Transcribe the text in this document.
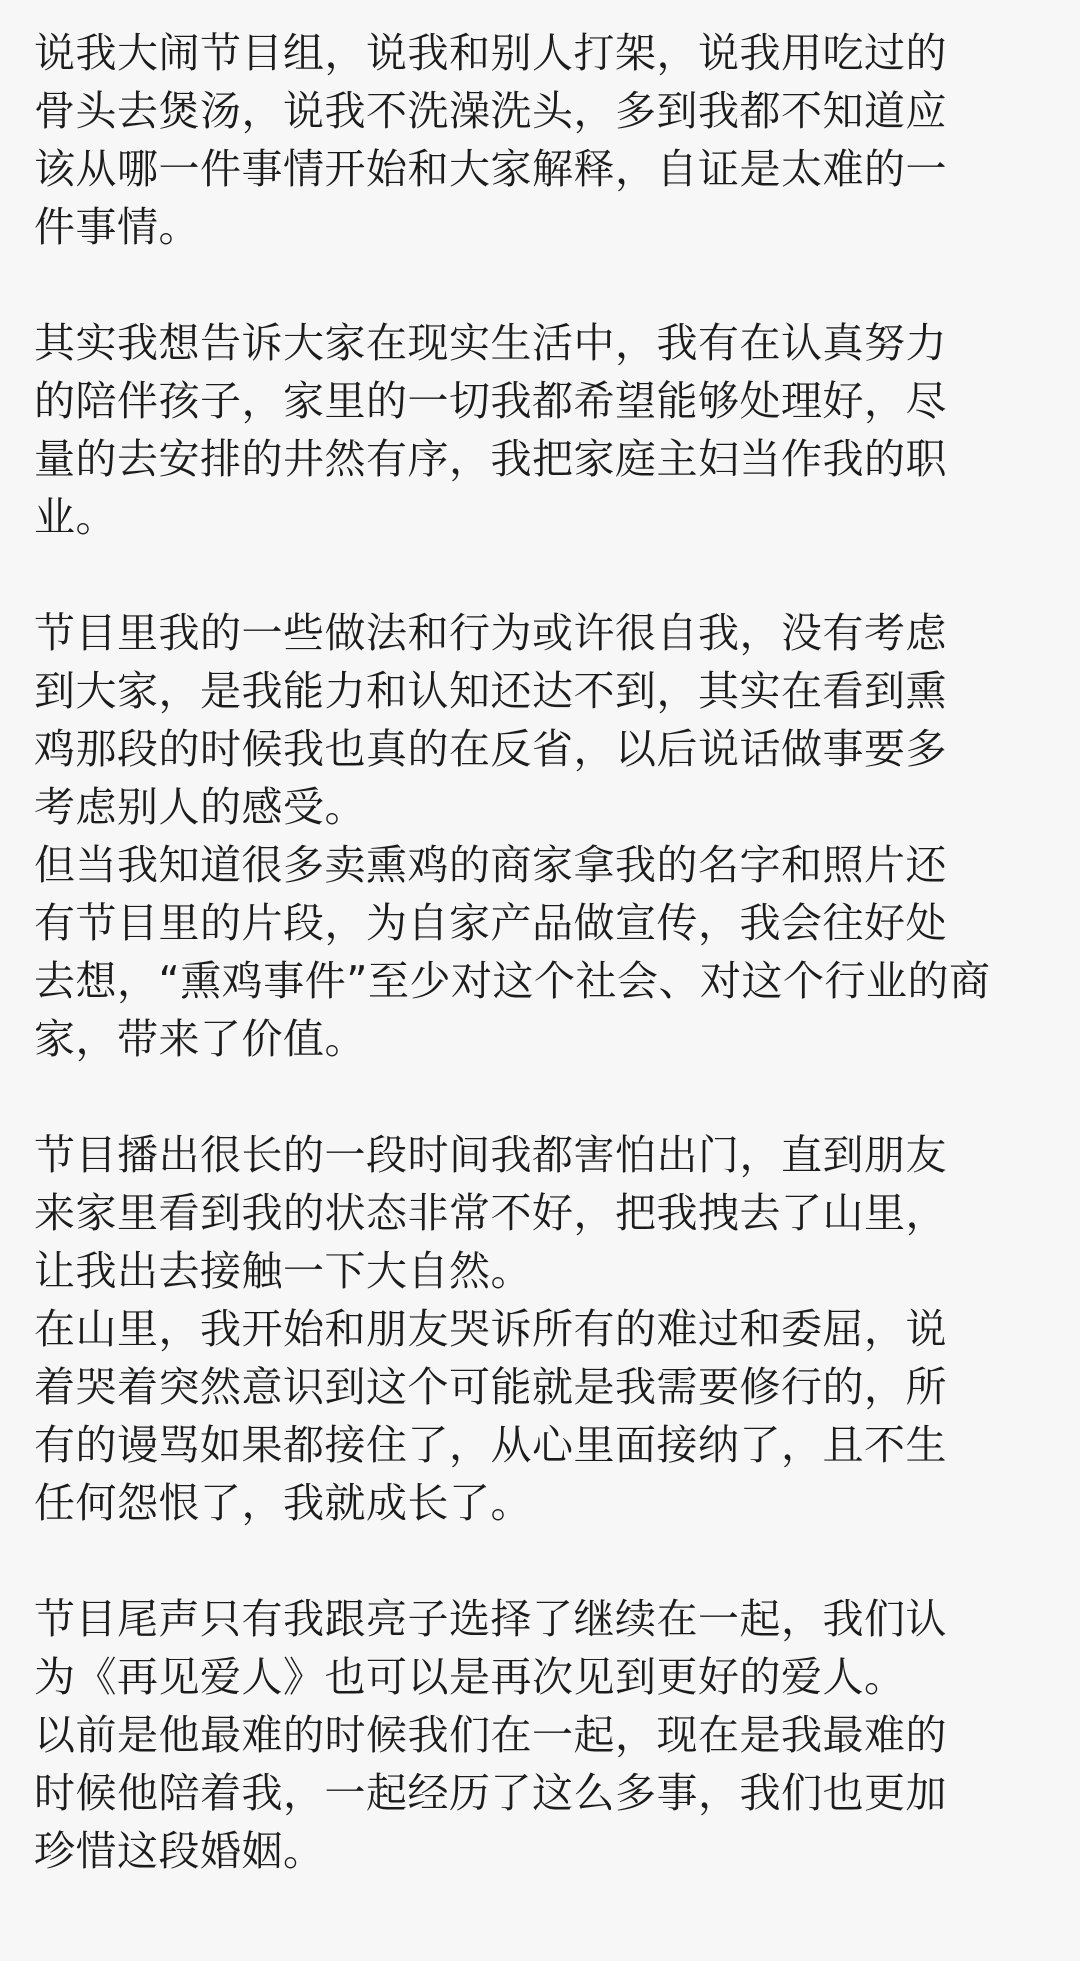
说我大闹节目组，说我和别人打架，说我用吃过的
骨头去煲汤，说我不洗澡洗头，多到我都不知道应
该从哪一件事情开始和大家解释，自证是太难的一
件事情。
其实我想告诉大家在现实生活中，我有在认真努力
的陪伴孩子，家里的一切我都希望能够处理好，尽
量的去安排的井然有序，我把家庭主妇当作我的职
业。
节目里我的一些做法和行为或许很自我，没有考虑
到大家，是我能力和认知还达不到，其实在看到熏
鸡那段的时候我也真的在反省，以后说话做事要多
考虑别人的感受。
但当我知道很多卖熏鸡的商家拿我的名字和照片还
有节目里的片段，为自家产品做宣传，我会往好处
去想，“熏鸡事件”至少对这个社会、对这个行业的商
家，带来了价值。
节目播出很长的一段时间我都害怕出门，直到朋友
来家里看到我的状态非常不好，把我拽去了山里，
让我出去接触一下大自然。
在山里，我开始和朋友哭诉所有的难过和委屈，说
着哭着突然意识到这个可能就是我需要修行的，所
有的谩骂如果都接住了，从心里面接纳了，且不生
任何怨恨了，我就成长了。
节目尾声只有我跟亮子选择了继续在一起，我们认
为《再见爱人》也可以是再次见到更好的爱人。
以前是他最难的时候我们在一起，现在是我最难的
时候他陪着我，一起经历了这么多事，我们也更加
珍惜这段婚姻。
